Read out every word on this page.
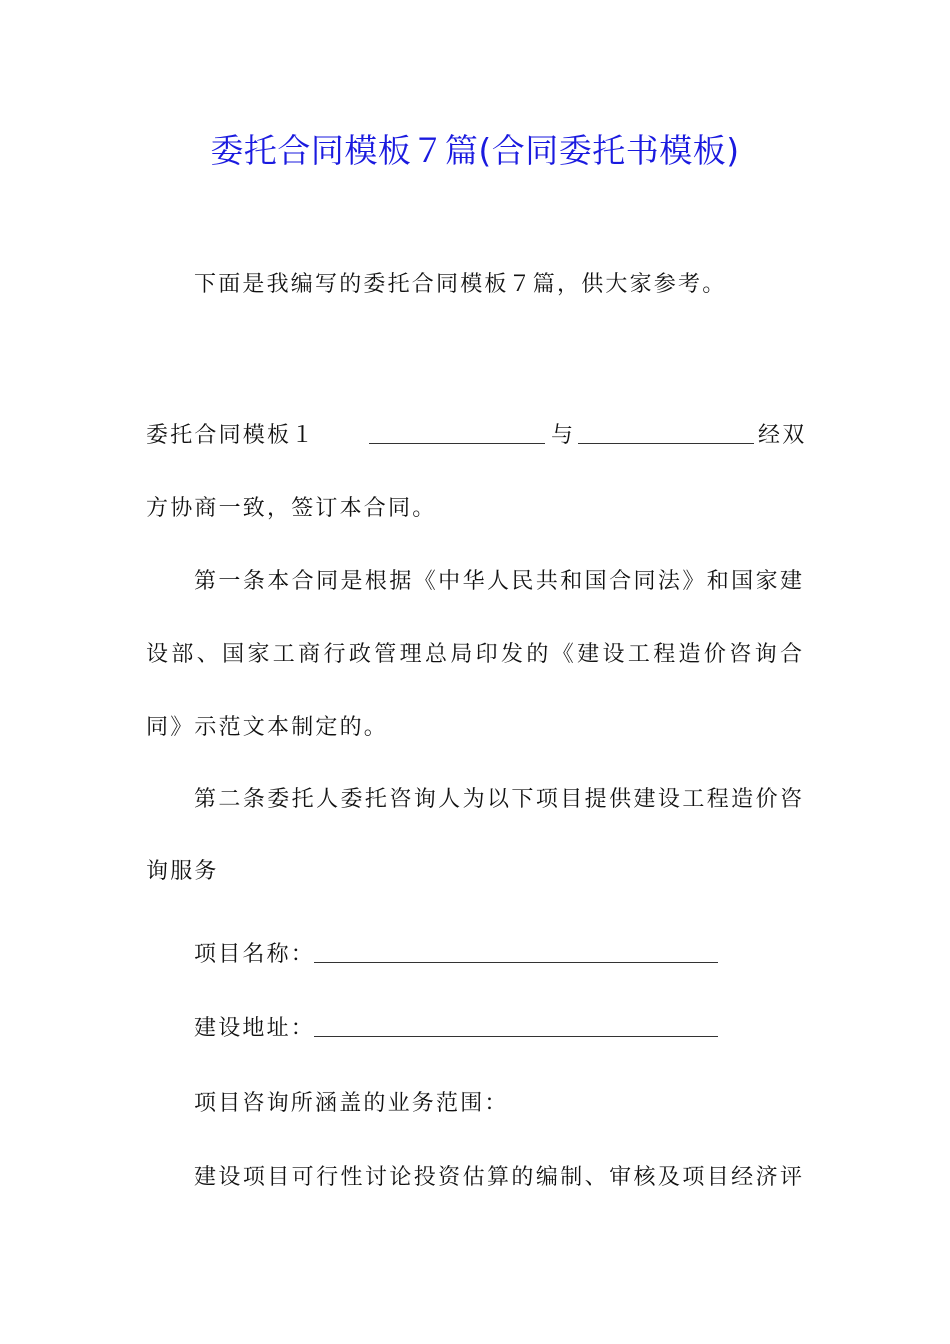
委托合同模板７篇(合同委托书模板)
下面是我编写的委托合同模板７篇，供大家参考。
委托合同模板１	与	经双
方协商一致，签订本合同。
第一条本合同是根据《中华人民共和国合同法》和国家建
设部、国家工商行政管理总局印发的《建设工程造价咨询合
同》示范文本制定的。
第二条委托人委托咨询人为以下项目提供建设工程造价咨
询服务
项目名称：
建设地址：
项目咨询所涵盖的业务范围：
建设项目可行性讨论投资估算的编制、审核及项目经济评
